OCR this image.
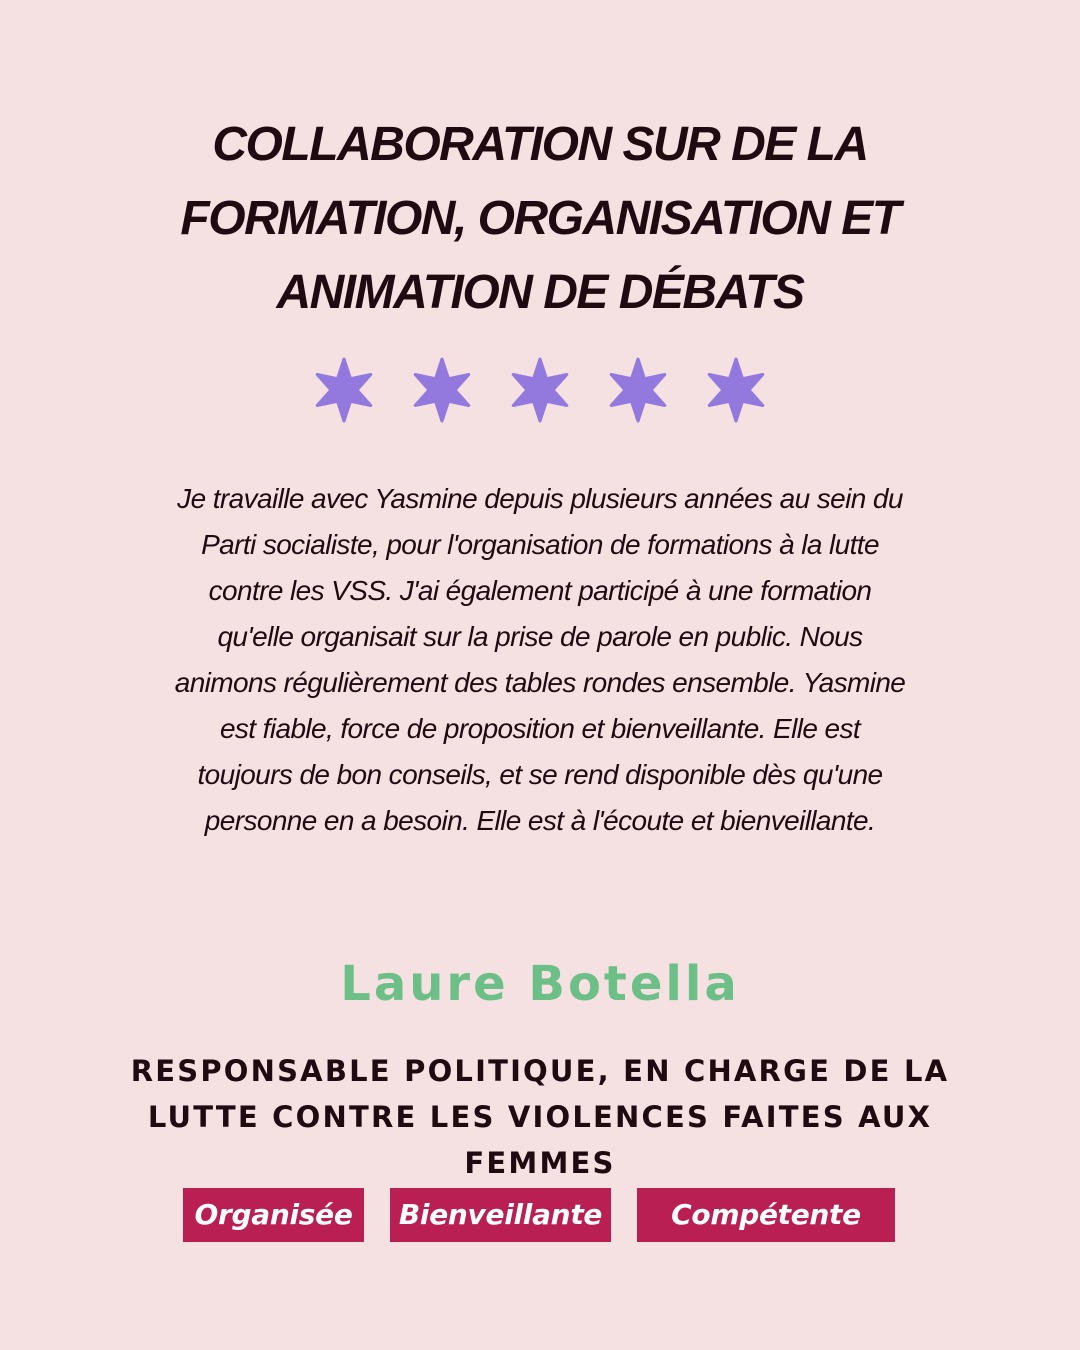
COLLABORATION SUR DE LA FORMATION, ORGANISATION ET ANIMATION DE DÉBATS

Je travaille avec Yasmine depuis plusieurs années au sein du Parti socialiste, pour l'organisation de formations à la lutte contre les VSS. J'ai également participé à une formation qu'elle organisait sur la prise de parole en public. Nous animons régulièrement des tables rondes ensemble. Yasmine est fiable, force de proposition et bienveillante. Elle est toujours de bon conseils, et se rend disponible dès qu'une personne en a besoin. Elle est à l'écoute et bienveillante.

Laure Botella

RESPONSABLE POLITIQUE, EN CHARGE DE LA LUTTE CONTRE LES VIOLENCES FAITES AUX FEMMES

Organisée	Bienveillante	Compétente
